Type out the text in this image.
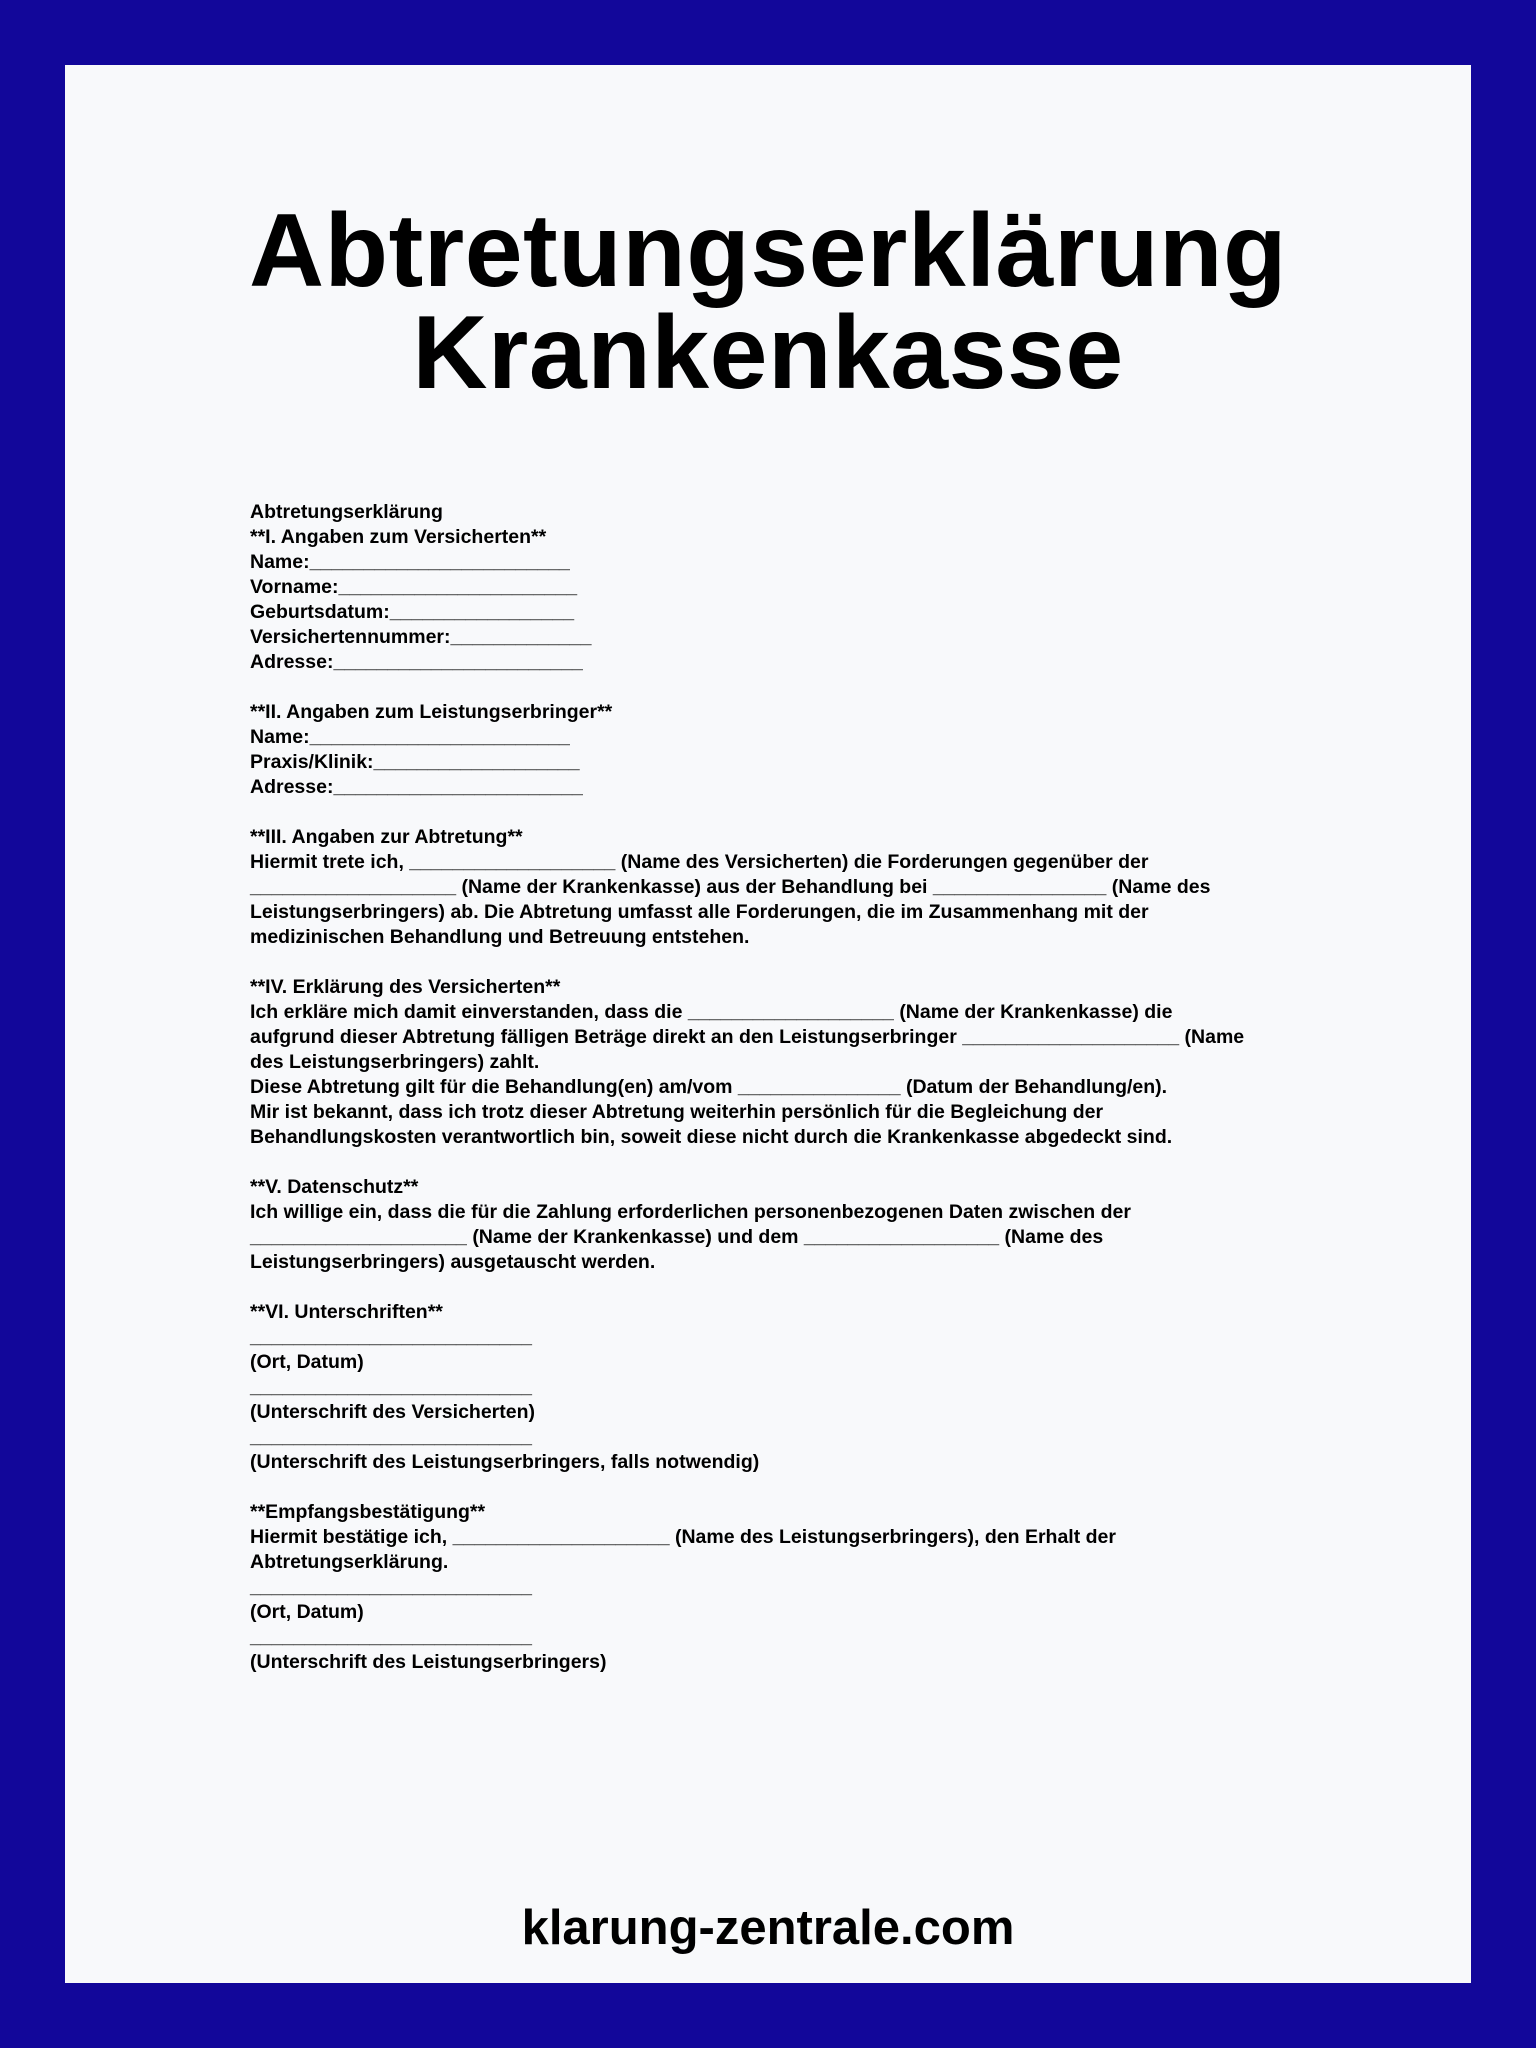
Abtretungserklärung
Krankenkasse
Abtretungserklärung
**I. Angaben zum Versicherten**
Name:________________________
Vorname:______________________
Geburtsdatum:_________________
Versichertennummer:_____________
Adresse:_______________________
**II. Angaben zum Leistungserbringer**
Name:________________________
Praxis/Klinik:___________________
Adresse:_______________________
**III. Angaben zur Abtretung**
Hiermit trete ich, ___________________ (Name des Versicherten) die Forderungen gegenüber der
___________________ (Name der Krankenkasse) aus der Behandlung bei ________________ (Name des
Leistungserbringers) ab. Die Abtretung umfasst alle Forderungen, die im Zusammenhang mit der
medizinischen Behandlung und Betreuung entstehen.
**IV. Erklärung des Versicherten**
Ich erkläre mich damit einverstanden, dass die ___________________ (Name der Krankenkasse) die
aufgrund dieser Abtretung fälligen Beträge direkt an den Leistungserbringer ____________________ (Name
des Leistungserbringers) zahlt.
Diese Abtretung gilt für die Behandlung(en) am/vom _______________ (Datum der Behandlung/en).
Mir ist bekannt, dass ich trotz dieser Abtretung weiterhin persönlich für die Begleichung der
Behandlungskosten verantwortlich bin, soweit diese nicht durch die Krankenkasse abgedeckt sind.
**V. Datenschutz**
Ich willige ein, dass die für die Zahlung erforderlichen personenbezogenen Daten zwischen der
____________________ (Name der Krankenkasse) und dem __________________ (Name des
Leistungserbringers) ausgetauscht werden.
**VI. Unterschriften**
__________________________
(Ort, Datum)
__________________________
(Unterschrift des Versicherten)
__________________________
(Unterschrift des Leistungserbringers, falls notwendig)
**Empfangsbestätigung**
Hiermit bestätige ich, ____________________ (Name des Leistungserbringers), den Erhalt der
Abtretungserklärung.
__________________________
(Ort, Datum)
__________________________
(Unterschrift des Leistungserbringers)
klarung-zentrale.com
